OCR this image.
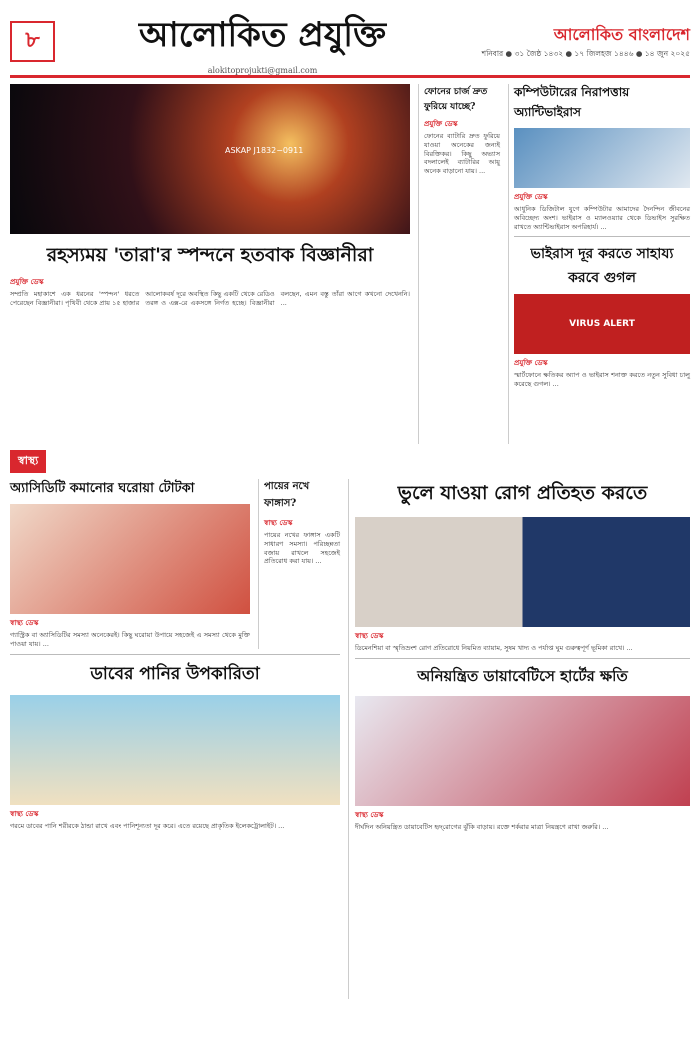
৮	আলোকিত প্রযুক্তি
alokitoprojukti@gmail.com
আলোকিত বাংলাদেশ
শনিবার ● ৩১ জৈষ্ঠ ১৪৩২ ● ১৭ জিলহজ ১৪৪৬ ● ১৪ জুন ২০২৫
ASKAP J1832−0911
রহস্যময় 'তারা'র স্পন্দনে হতবাক বিজ্ঞানীরা
প্রযুক্তি ডেস্ক
সম্প্রতি মহাকাশে এক ধরনের 'স্পন্দন' ধরতে পেরেছেন বিজ্ঞানীরা। পৃথিবী থেকে প্রায় ১৫ হাজার আলোকবর্ষ দূরে অবস্থিত কিছু একটি থেকে রেডিও তরঙ্গ ও এক্স-রে একসঙ্গে নির্গত হচ্ছে। বিজ্ঞানীরা বলছেন, এমন বস্তু তাঁরা আগে কখনো দেখেননি। ...
ফোনের চার্জ দ্রুত ফুরিয়ে যাচ্ছে?
প্রযুক্তি ডেস্ক
ফোনের ব্যাটারি দ্রুত ফুরিয়ে যাওয়া অনেকের জন্যই বিরক্তিকর। কিছু অভ্যাস বদলালেই ব্যাটারির আয়ু অনেক বাড়ানো যায়। ...
কম্পিউটারের নিরাপত্তায় অ্যান্টিভাইরাস
প্রযুক্তি ডেস্ক
আধুনিক ডিজিটাল যুগে কম্পিউটার আমাদের দৈনন্দিন জীবনের অবিচ্ছেদ্য অংশ। ভাইরাস ও ম্যালওয়্যার থেকে ডিভাইস সুরক্ষিত রাখতে অ্যান্টিভাইরাস অপরিহার্য। ...
ভাইরাস দূর করতে সাহায্য করবে গুগল
VIRUS ALERT
প্রযুক্তি ডেস্ক
স্মার্টফোনে ক্ষতিকর অ্যাপ ও ভাইরাস শনাক্ত করতে নতুন সুবিধা চালু করেছে গুগল। ...
স্বাস্থ্য
অ্যাসিডিটি কমানোর ঘরোয়া টোটকা
স্বাস্থ্য ডেস্ক
গ্যাস্ট্রিক বা অ্যাসিডিটির সমস্যা অনেকেরই। কিছু ঘরোয়া উপায়ে সহজেই এ সমস্যা থেকে মুক্তি পাওয়া যায়। ...
পায়ের নখে ফাঙ্গাস?
স্বাস্থ্য ডেস্ক
পায়ের নখের ফাঙ্গাস একটি সাধারণ সমস্যা। পরিচ্ছন্নতা বজায় রাখলে সহজেই প্রতিরোধ করা যায়। ...
ডাবের পানির উপকারিতা
স্বাস্থ্য ডেস্ক
গরমে ডাবের পানি শরীরকে ঠান্ডা রাখে এবং পানিশূন্যতা দূর করে। এতে রয়েছে প্রাকৃতিক ইলেকট্রোলাইট। ...
ভুলে যাওয়া রোগ প্রতিহত করতে
স্বাস্থ্য ডেস্ক
ডিমেনশিয়া বা স্মৃতিভ্রংশ রোগ প্রতিরোধে নিয়মিত ব্যায়াম, সুষম খাদ্য ও পর্যাপ্ত ঘুম গুরুত্বপূর্ণ ভূমিকা রাখে। ...
অনিয়ন্ত্রিত ডায়াবেটিসে হার্টের ক্ষতি
স্বাস্থ্য ডেস্ক
দীর্ঘদিন অনিয়ন্ত্রিত ডায়াবেটিস হৃদ্‌রোগের ঝুঁকি বাড়ায়। রক্তে শর্করার মাত্রা নিয়ন্ত্রণে রাখা জরুরি। ...
